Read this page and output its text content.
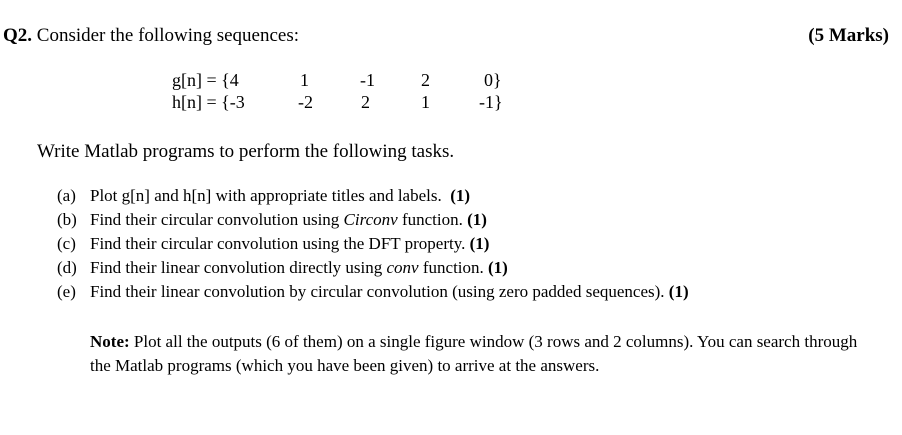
Q2. Consider the following sequences:	(5 Marks)
g[n] = {4	1	-1	2	0}
h[n] = {-3	-2	2	1	-1}
Write Matlab programs to perform the following tasks.
(a) Plot g[n] and h[n] with appropriate titles and labels. (1)
(b) Find their circular convolution using Circonv function. (1)
(c) Find their circular convolution using the DFT property. (1)
(d) Find their linear convolution directly using conv function. (1)
(e) Find their linear convolution by circular convolution (using zero padded sequences). (1)
Note: Plot all the outputs (6 of them) on a single figure window (3 rows and 2 columns). You can search through the Matlab programs (which you have been given) to arrive at the answers.
